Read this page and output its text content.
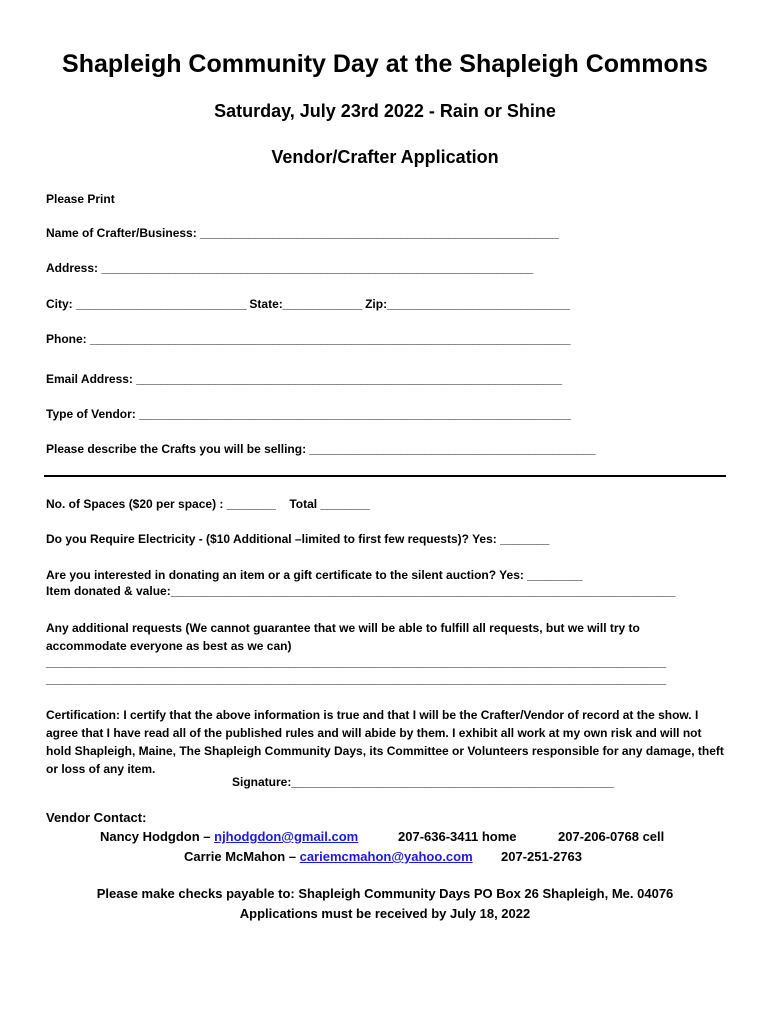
Shapleigh Community Day at the Shapleigh Commons
Saturday, July 23rd 2022 - Rain or Shine
Vendor/Crafter Application
Please Print
Name of Crafter/Business: ___________________________________________________________
Address: _______________________________________________________________________
City: ____________________________ State:_____________ Zip:______________________________
Phone: _______________________________________________________________________________
Email Address: ______________________________________________________________________
Type of Vendor: _______________________________________________________________________
Please describe the Crafts you will be selling: _______________________________________________
No. of Spaces ($20 per space) : ________ Total ________
Do you Require Electricity - ($10 Additional –limited to first few requests)? Yes: ________
Are you interested in donating an item or a gift certificate to the silent auction? Yes: _________
Item donated & value:___________________________________________________________________________________
Any additional requests (We cannot guarantee that we will be able to fulfill all requests, but we will try to accommodate everyone as best as we can)
______________________________________________________________________________________________________
______________________________________________________________________________________________________
Certification: I certify that the above information is true and that I will be the Crafter/Vendor of record at the show. I agree that I have read all of the published rules and will abide by them. I exhibit all work at my own risk and will not hold Shapleigh, Maine, The Shapleigh Community Days, its Committee or Volunteers responsible for any damage, theft or loss of any item.
Signature:_____________________________________________________
Vendor Contact:
Nancy Hodgdon – njhodgdon@gmail.com	207-636-3411 home	207-206-0768 cell
Carrie McMahon – cariemcmahon@yahoo.com 207-251-2763
Please make checks payable to: Shapleigh Community Days PO Box 26 Shapleigh, Me. 04076
Applications must be received by July 18, 2022
